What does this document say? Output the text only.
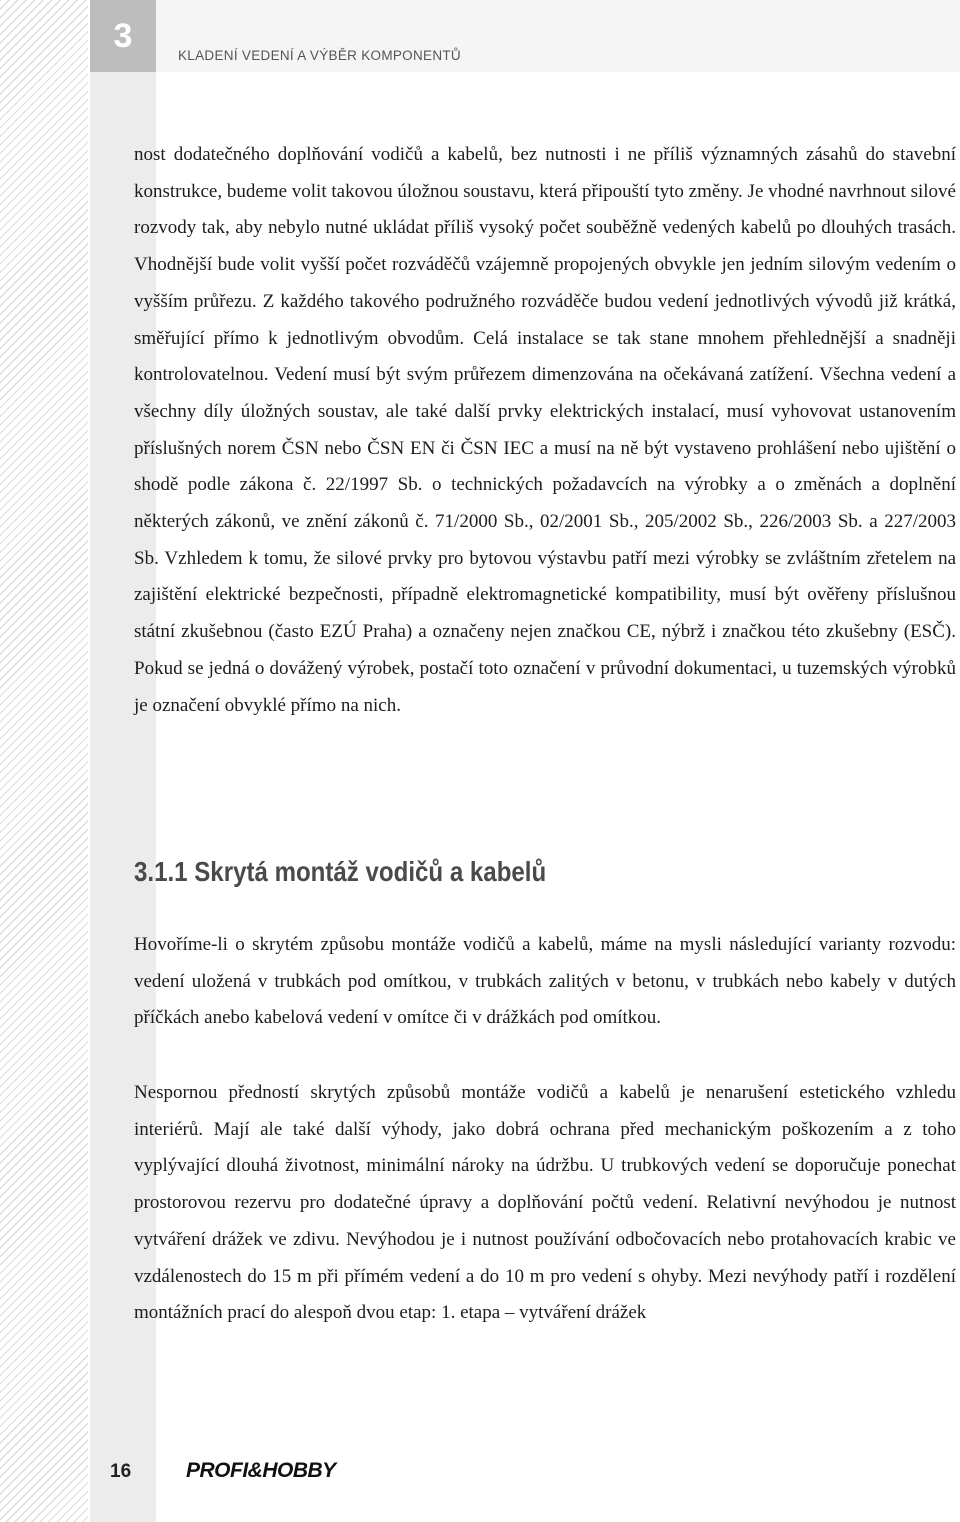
3
KLADENÍ VEDENÍ A VÝBĚR KOMPONENTŮ

nost dodatečného doplňování vodičů a kabelů, bez nutnosti i ne příliš významných zásahů do stavební konstrukce, budeme volit takovou úložnou soustavu, která připouští tyto změny. Je vhodné navrhnout silové rozvody tak, aby nebylo nutné ukládat příliš vysoký počet souběžně vedených kabelů po dlouhých trasách. Vhodnější bude volit vyšší počet rozváděčů vzájemně propojených obvykle jen jedním silovým vedením o vyšším průřezu. Z každého takového podružného rozváděče budou vedení jednotlivých vývodů již krátká, směřující přímo k jednotlivým obvodům. Celá instalace se tak stane mnohem přehlednější a snadněji kontrolovatelnou. Vedení musí být svým průřezem dimenzována na očekávaná zatížení. Všechna vedení a všechny díly úložných soustav, ale také další prvky elektrických instalací, musí vyhovovat ustanovením příslušných norem ČSN nebo ČSN EN či ČSN IEC a musí na ně být vystaveno prohlášení nebo ujištění o shodě podle zákona č. 22/1997 Sb. o technických požadavcích na výrobky a o změnách a doplnění některých zákonů, ve znění zákonů č. 71/2000 Sb., 02/2001 Sb., 205/2002 Sb., 226/2003 Sb. a 227/2003 Sb. Vzhledem k tomu, že silové prvky pro bytovou výstavbu patří mezi výrobky se zvláštním zřetelem na zajištění elektrické bezpečnosti, případně elektromagnetické kompatibility, musí být ověřeny příslušnou státní zkušebnou (často EZÚ Praha) a označeny nejen značkou CE, nýbrž i značkou této zkušebny (ESČ). Pokud se jedná o dovážený výrobek, postačí toto označení v průvodní dokumentaci, u tuzemských výrobků je označení obvyklé přímo na nich.

3.1.1 Skrytá montáž vodičů a kabelů

Hovoříme-li o skrytém způsobu montáže vodičů a kabelů, máme na mysli následující varianty rozvodu: vedení uložená v trubkách pod omítkou, v trubkách zalitých v betonu, v trubkách nebo kabely v dutých příčkách anebo kabelová vedení v omítce či v drážkách pod omítkou.

Nespornou předností skrytých způsobů montáže vodičů a kabelů je nenarušení estetického vzhledu interiérů. Mají ale také další výhody, jako dobrá ochrana před mechanickým poškozením a z toho vyplývající dlouhá životnost, minimální nároky na údržbu. U trubkových vedení se doporučuje ponechat prostorovou rezervu pro dodatečné úpravy a doplňování počtů vedení. Relativní nevýhodou je nutnost vytváření drážek ve zdivu. Nevýhodou je i nutnost používání odbočovacích nebo protahovacích krabic ve vzdálenostech do 15 m při přímém vedení a do 10 m pro vedení s ohyby. Mezi nevýhody patří i rozdělení montážních prací do alespoň dvou etap: 1. etapa – vytváření drážek

16	PROFI&HOBBY
